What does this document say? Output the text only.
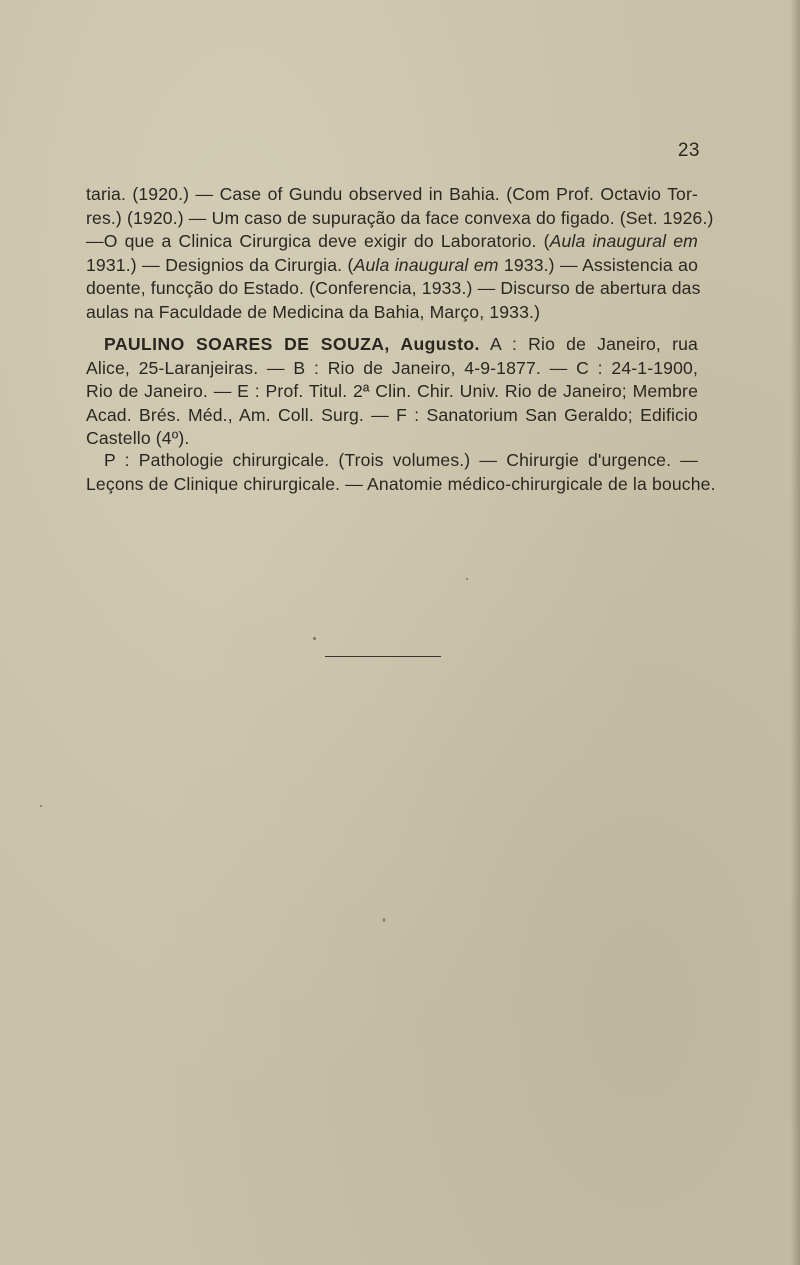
23
taria. (1920.) — Case of Gundu observed in Bahia. (Com Prof. Octavio Tor-
res.) (1920.) — Um caso de supuração da face convexa do figado. (Set. 1926.)
—O que a Clinica Cirurgica deve exigir do Laboratorio. (Aula inaugural em
1931.) — Designios da Cirurgia. (Aula inaugural em 1933.) — Assistencia ao
doente, funcção do Estado. (Conferencia, 1933.) — Discurso de abertura das
aulas na Faculdade de Medicina da Bahia, Março, 1933.)
PAULINO SOARES DE SOUZA, Augusto. A : Rio de Janeiro, rua
Alice, 25-Laranjeiras. — B : Rio de Janeiro, 4-9-1877. — C : 24-1-1900,
Rio de Janeiro. — E : Prof. Titul. 2ª Clin. Chir. Univ. Rio de Janeiro; Membre
Acad. Brés. Méd., Am. Coll. Surg. — F : Sanatorium San Geraldo; Edificio
Castello (4º).
P : Pathologie chirurgicale. (Trois volumes.) — Chirurgie d'urgence. —
Leçons de Clinique chirurgicale. — Anatomie médico-chirurgicale de la bouche.
